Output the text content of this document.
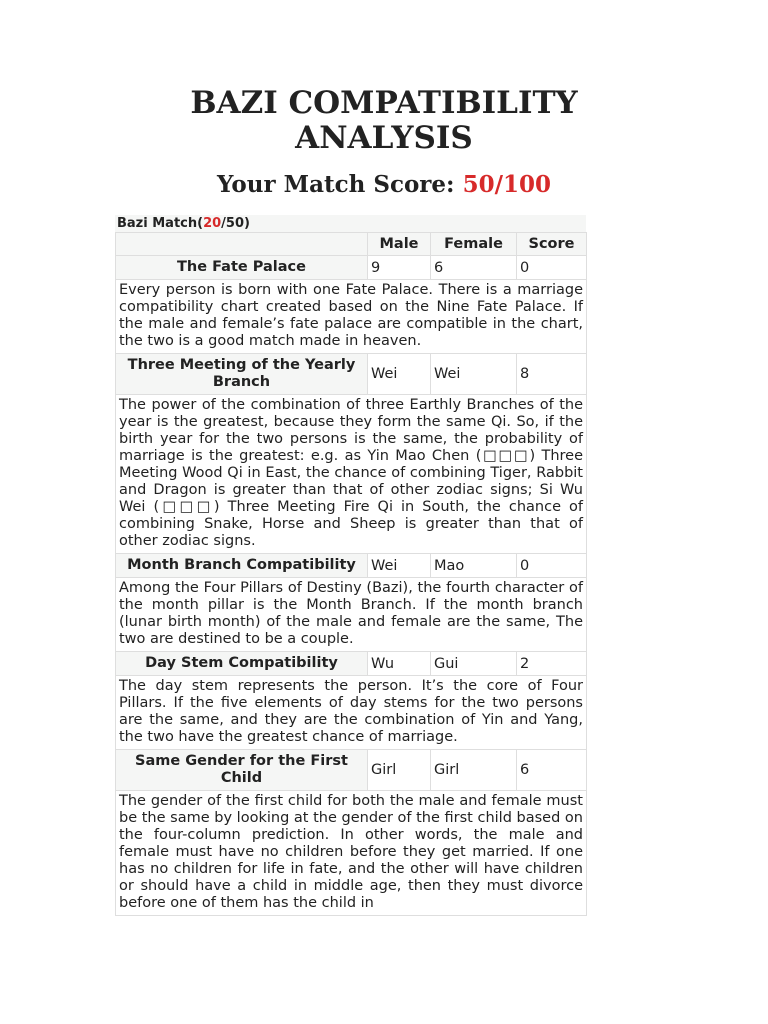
BAZI COMPATIBILITY
ANALYSIS
Your Match Score: 50/100
Bazi Match(20/50)
	Male	Female	Score
The Fate Palace	9	6	0
Every person is born with one Fate Palace. There is a marriage compatibility chart created based on the Nine Fate Palace. If the male and female’s fate palace are compatible in the chart, the two is a good match made in heaven.			
Three Meeting of the Yearly Branch	Wei	Wei	8
The power of the combination of three Earthly Branches of the year is the greatest, because they form the same Qi. So, if the birth year for the two persons is the same, the probability of marriage is the greatest: e.g. as Yin Mao Chen (□□□) Three Meeting Wood Qi in East, the chance of combining Tiger, Rabbit and Dragon is greater than that of other zodiac signs; Si Wu Wei (□□□) Three Meeting Fire Qi in South, the chance of combining Snake, Horse and Sheep is greater than that of other zodiac signs.			
Month Branch Compatibility	Wei	Mao	0
Among the Four Pillars of Destiny (Bazi), the fourth character of the month pillar is the Month Branch. If the month branch (lunar birth month) of the male and female are the same, The two are destined to be a couple.			
Day Stem Compatibility	Wu	Gui	2
The day stem represents the person. It’s the core of Four Pillars. If the five elements of day stems for the two persons are the same, and they are the combination of Yin and Yang, the two have the greatest chance of marriage.			
Same Gender for the First Child	Girl	Girl	6
The gender of the first child for both the male and female must be the same by looking at the gender of the first child based on the four-column prediction. In other words, the male and female must have no children before they get married. If one has no children for life in fate, and the other will have children or should have a child in middle age, then they must divorce before one of them has the child in			
